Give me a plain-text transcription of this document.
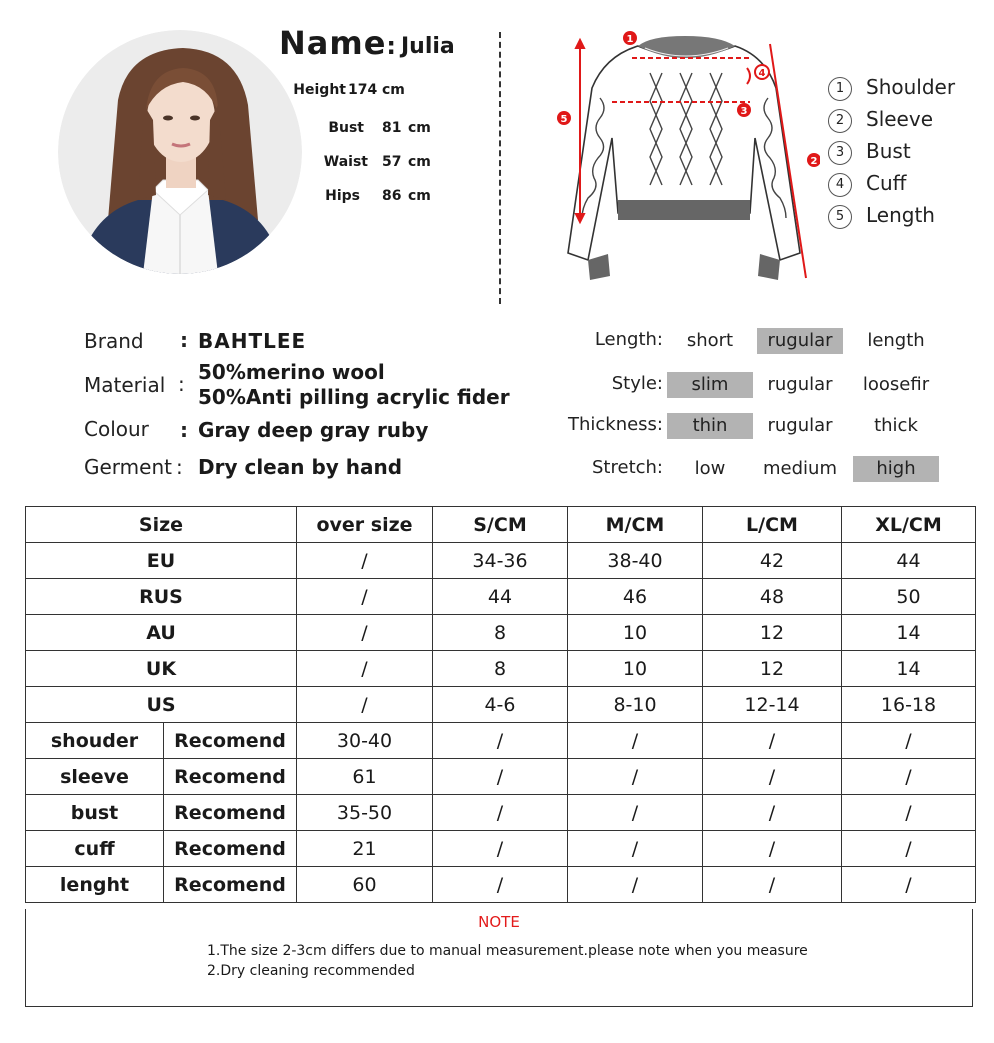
Name: Julia
Height 174 cm
Bust 81 cm
Waist 57 cm
Hips 86 cm
1
2
3
4
5
1 Shoulder
2 Sleeve
3 Bust
4 Cuff
5 Length
Brand : BAHTLEE
Material : 50%merino wool
50%Anti pilling acrylic fider
Colour : Gray deep gray ruby
Germent : Dry clean by hand
Length:	short	rugular	length
Style:	slim	rugular	loosefir
Thickness:	thin	rugular	thick
Stretch:	low	medium	high
Size		over size	S/CM	M/CM	L/CM	XL/CM
EU		/	34-36	38-40	42	44
RUS		/	44	46	48	50
AU		/	8	10	12	14
UK		/	8	10	12	14
US		/	4-6	8-10	12-14	16-18
shouder	Recomend	30-40	/	/	/	/
sleeve	Recomend	61	/	/	/	/
bust	Recomend	35-50	/	/	/	/
cuff	Recomend	21	/	/	/	/
lenght	Recomend	60	/	/	/	/
NOTE
1.The size 2-3cm differs due to manual measurement.please note when you measure
2.Dry cleaning recommended
